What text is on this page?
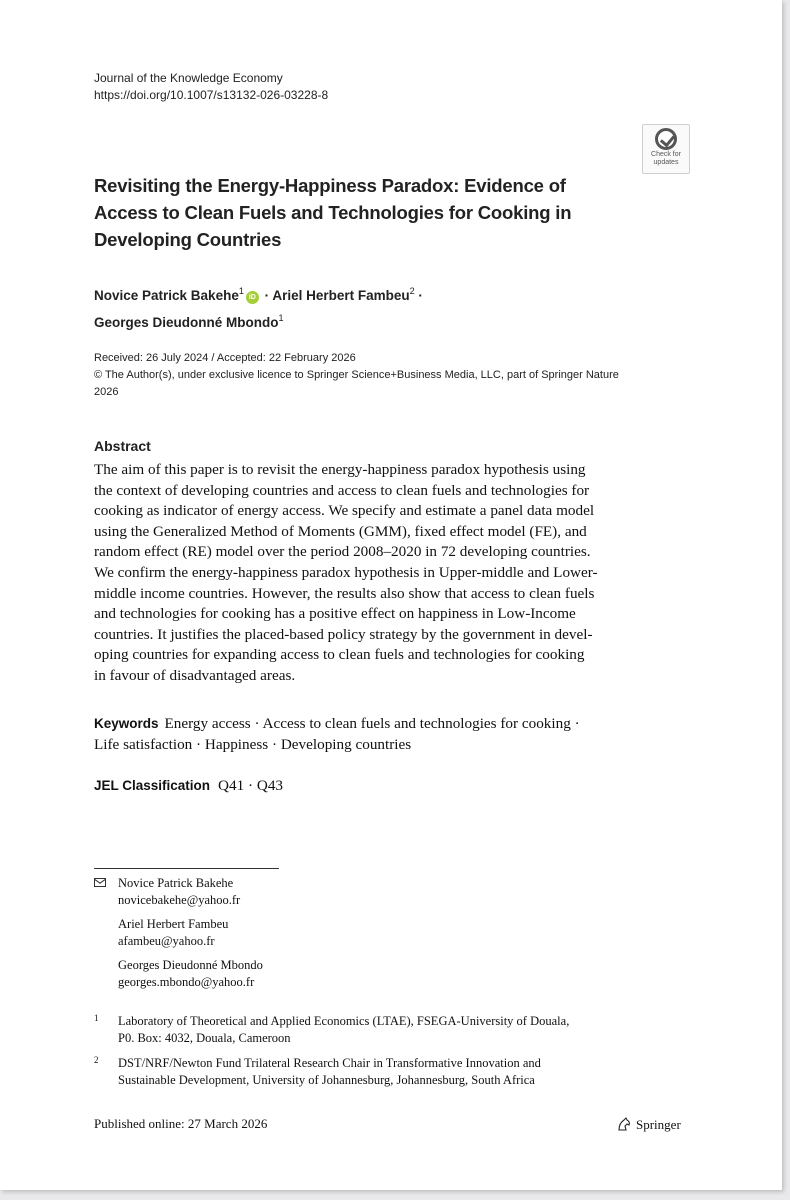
Journal of the Knowledge Economy
https://doi.org/10.1007/s13132-026-03228-8
Check for
updates
Revisiting the Energy-Happiness Paradox: Evidence of
Access to Clean Fuels and Technologies for Cooking in
Developing Countries
Novice Patrick Bakehe$^1$iD · Ariel Herbert Fambeu$^2$ ·
Georges Dieudonné Mbondo$^1$
Received: 26 July 2024 / Accepted: 22 February 2026
© The Author(s), under exclusive licence to Springer Science+Business Media, LLC, part of Springer Nature
2026
Abstract
The aim of this paper is to revisit the energy-happiness paradox hypothesis using
the context of developing countries and access to clean fuels and technologies for
cooking as indicator of energy access. We specify and estimate a panel data model
using the Generalized Method of Moments (GMM), fixed effect model (FE), and
random effect (RE) model over the period 2008–2020 in 72 developing countries.
We confirm the energy-happiness paradox hypothesis in Upper-middle and Lower-
middle income countries. However, the results also show that access to clean fuels
and technologies for cooking has a positive effect on happiness in Low-Income
countries. It justifies the placed-based policy strategy by the government in devel-
oping countries for expanding access to clean fuels and technologies for cooking
in favour of disadvantaged areas.
Keywords Energy access · Access to clean fuels and technologies for cooking ·
Life satisfaction · Happiness · Developing countries
JEL Classification Q41 · Q43
Novice Patrick Bakehe
novicebakehe@yahoo.fr
Ariel Herbert Fambeu
afambeu@yahoo.fr
Georges Dieudonné Mbondo
georges.mbondo@yahoo.fr
1 Laboratory of Theoretical and Applied Economics (LTAE), FSEGA-University of Douala,
P0. Box: 4032, Douala, Cameroon
2 DST/NRF/Newton Fund Trilateral Research Chair in Transformative Innovation and
Sustainable Development, University of Johannesburg, Johannesburg, South Africa
Published online: 27 March 2026	Springer
